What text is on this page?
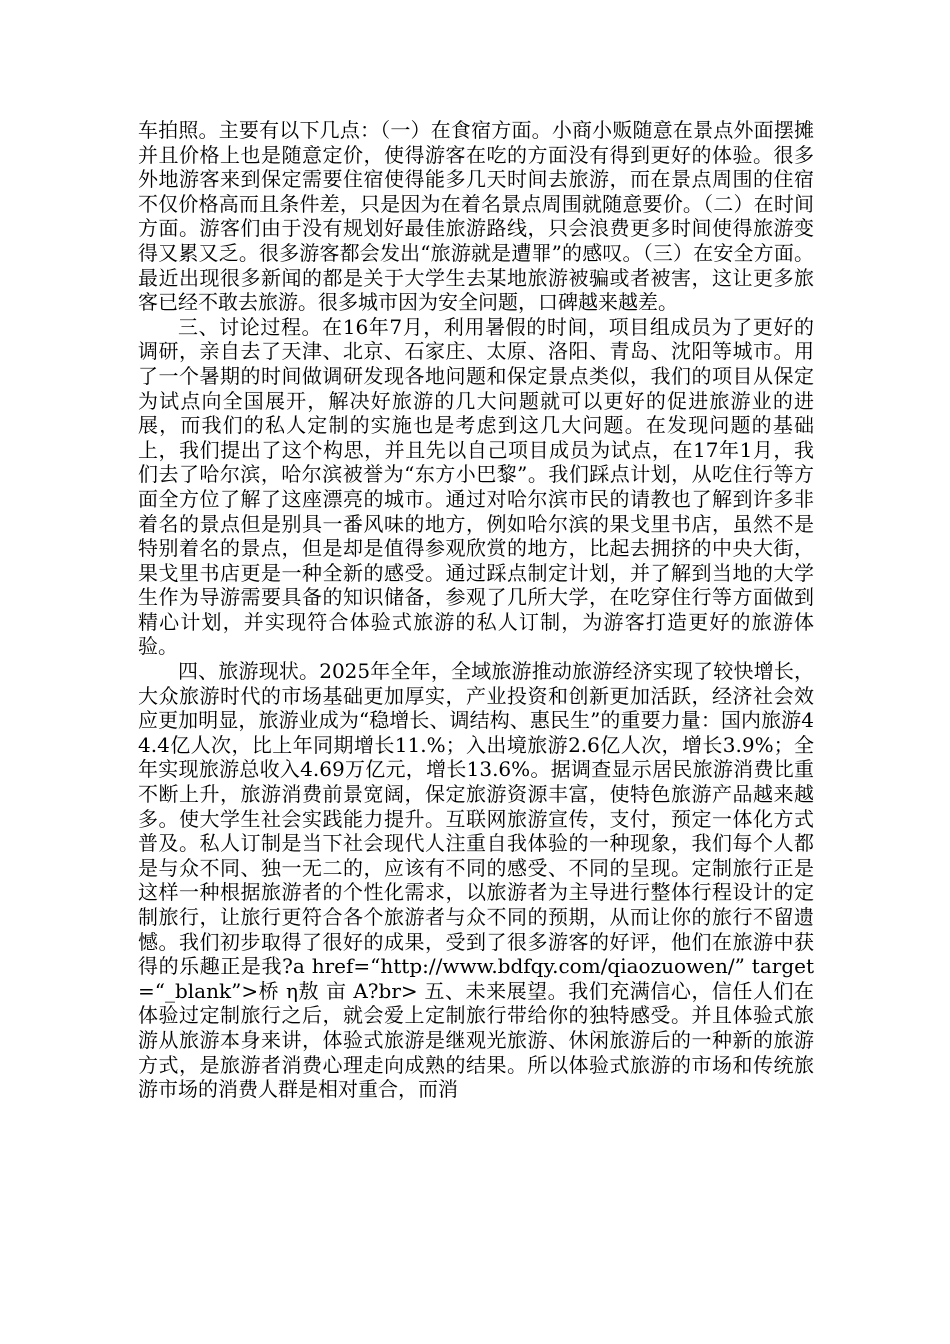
车拍照。主要有以下几点：（一）在食宿方面。小商小贩随意在景点外面摆摊并且价格上也是随意定价，使得游客在吃的方面没有得到更好的体验。很多外地游客来到保定需要住宿使得能多几天时间去旅游，而在景点周围的住宿不仅价格高而且条件差，只是因为在着名景点周围就随意要价。（二）在时间方面。游客们由于没有规划好最佳旅游路线，只会浪费更多时间使得旅游变得又累又乏。很多游客都会发出“旅游就是遭罪”的感叹。（三）在安全方面。最近出现很多新闻的都是关于大学生去某地旅游被骗或者被害，这让更多旅客已经不敢去旅游。很多城市因为安全问题，口碑越来越差。

三、讨论过程。在16年7月，利用暑假的时间，项目组成员为了更好的调研，亲自去了天津、北京、石家庄、太原、洛阳、青岛、沈阳等城市。用了一个暑期的时间做调研发现各地问题和保定景点类似，我们的项目从保定为试点向全国展开，解决好旅游的几大问题就可以更好的促进旅游业的进展，而我们的私人定制的实施也是考虑到这几大问题。在发现问题的基础上，我们提出了这个构思，并且先以自己项目成员为试点，在17年1月，我们去了哈尔滨，哈尔滨被誉为“东方小巴黎”。我们踩点计划，从吃住行等方面全方位了解了这座漂亮的城市。通过对哈尔滨市民的请教也了解到许多非着名的景点但是别具一番风味的地方，例如哈尔滨的果戈里书店，虽然不是特别着名的景点，但是却是值得参观欣赏的地方，比起去拥挤的中央大街，果戈里书店更是一种全新的感受。通过踩点制定计划，并了解到当地的大学生作为导游需要具备的知识储备，参观了几所大学，在吃穿住行等方面做到精心计划，并实现符合体验式旅游的私人订制，为游客打造更好的旅游体验。

四、旅游现状。2025年全年，全域旅游推动旅游经济实现了较快增长，大众旅游时代的市场基础更加厚实，产业投资和创新更加活跃，经济社会效应更加明显，旅游业成为“稳增长、调结构、惠民生”的重要力量：国内旅游44.4亿人次，比上年同期增长11.%；入出境旅游2.6亿人次，增长3.9%；全年实现旅游总收入4.69万亿元，增长13.6%。据调查显示居民旅游消费比重不断上升，旅游消费前景宽阔，保定旅游资源丰富，使特色旅游产品越来越多。使大学生社会实践能力提升。互联网旅游宣传，支付，预定一体化方式普及。私人订制是当下社会现代人注重自我体验的一种现象，我们每个人都是与众不同、独一无二的，应该有不同的感受、不同的呈现。定制旅行正是这样一种根据旅游者的个性化需求，以旅游者为主导进行整体行程设计的定制旅行，让旅行更符合各个旅游者与众不同的预期，从而让你的旅行不留遗憾。我们初步取得了很好的成果，受到了很多游客的好评，他们在旅游中获得的乐趣正是我?a href=“http://www.bdfqy.com/qiaozuowen/” target=“_blank”>桥 η敖 亩 A?br> 五、未来展望。我们充满信心，信任人们在体验过定制旅行之后，就会爱上定制旅行带给你的独特感受。并且体验式旅游从旅游本身来讲，体验式旅游是继观光旅游、休闲旅游后的一种新的旅游方式，是旅游者消费心理走向成熟的结果。所以体验式旅游的市场和传统旅游市场的消费人群是相对重合，而消
